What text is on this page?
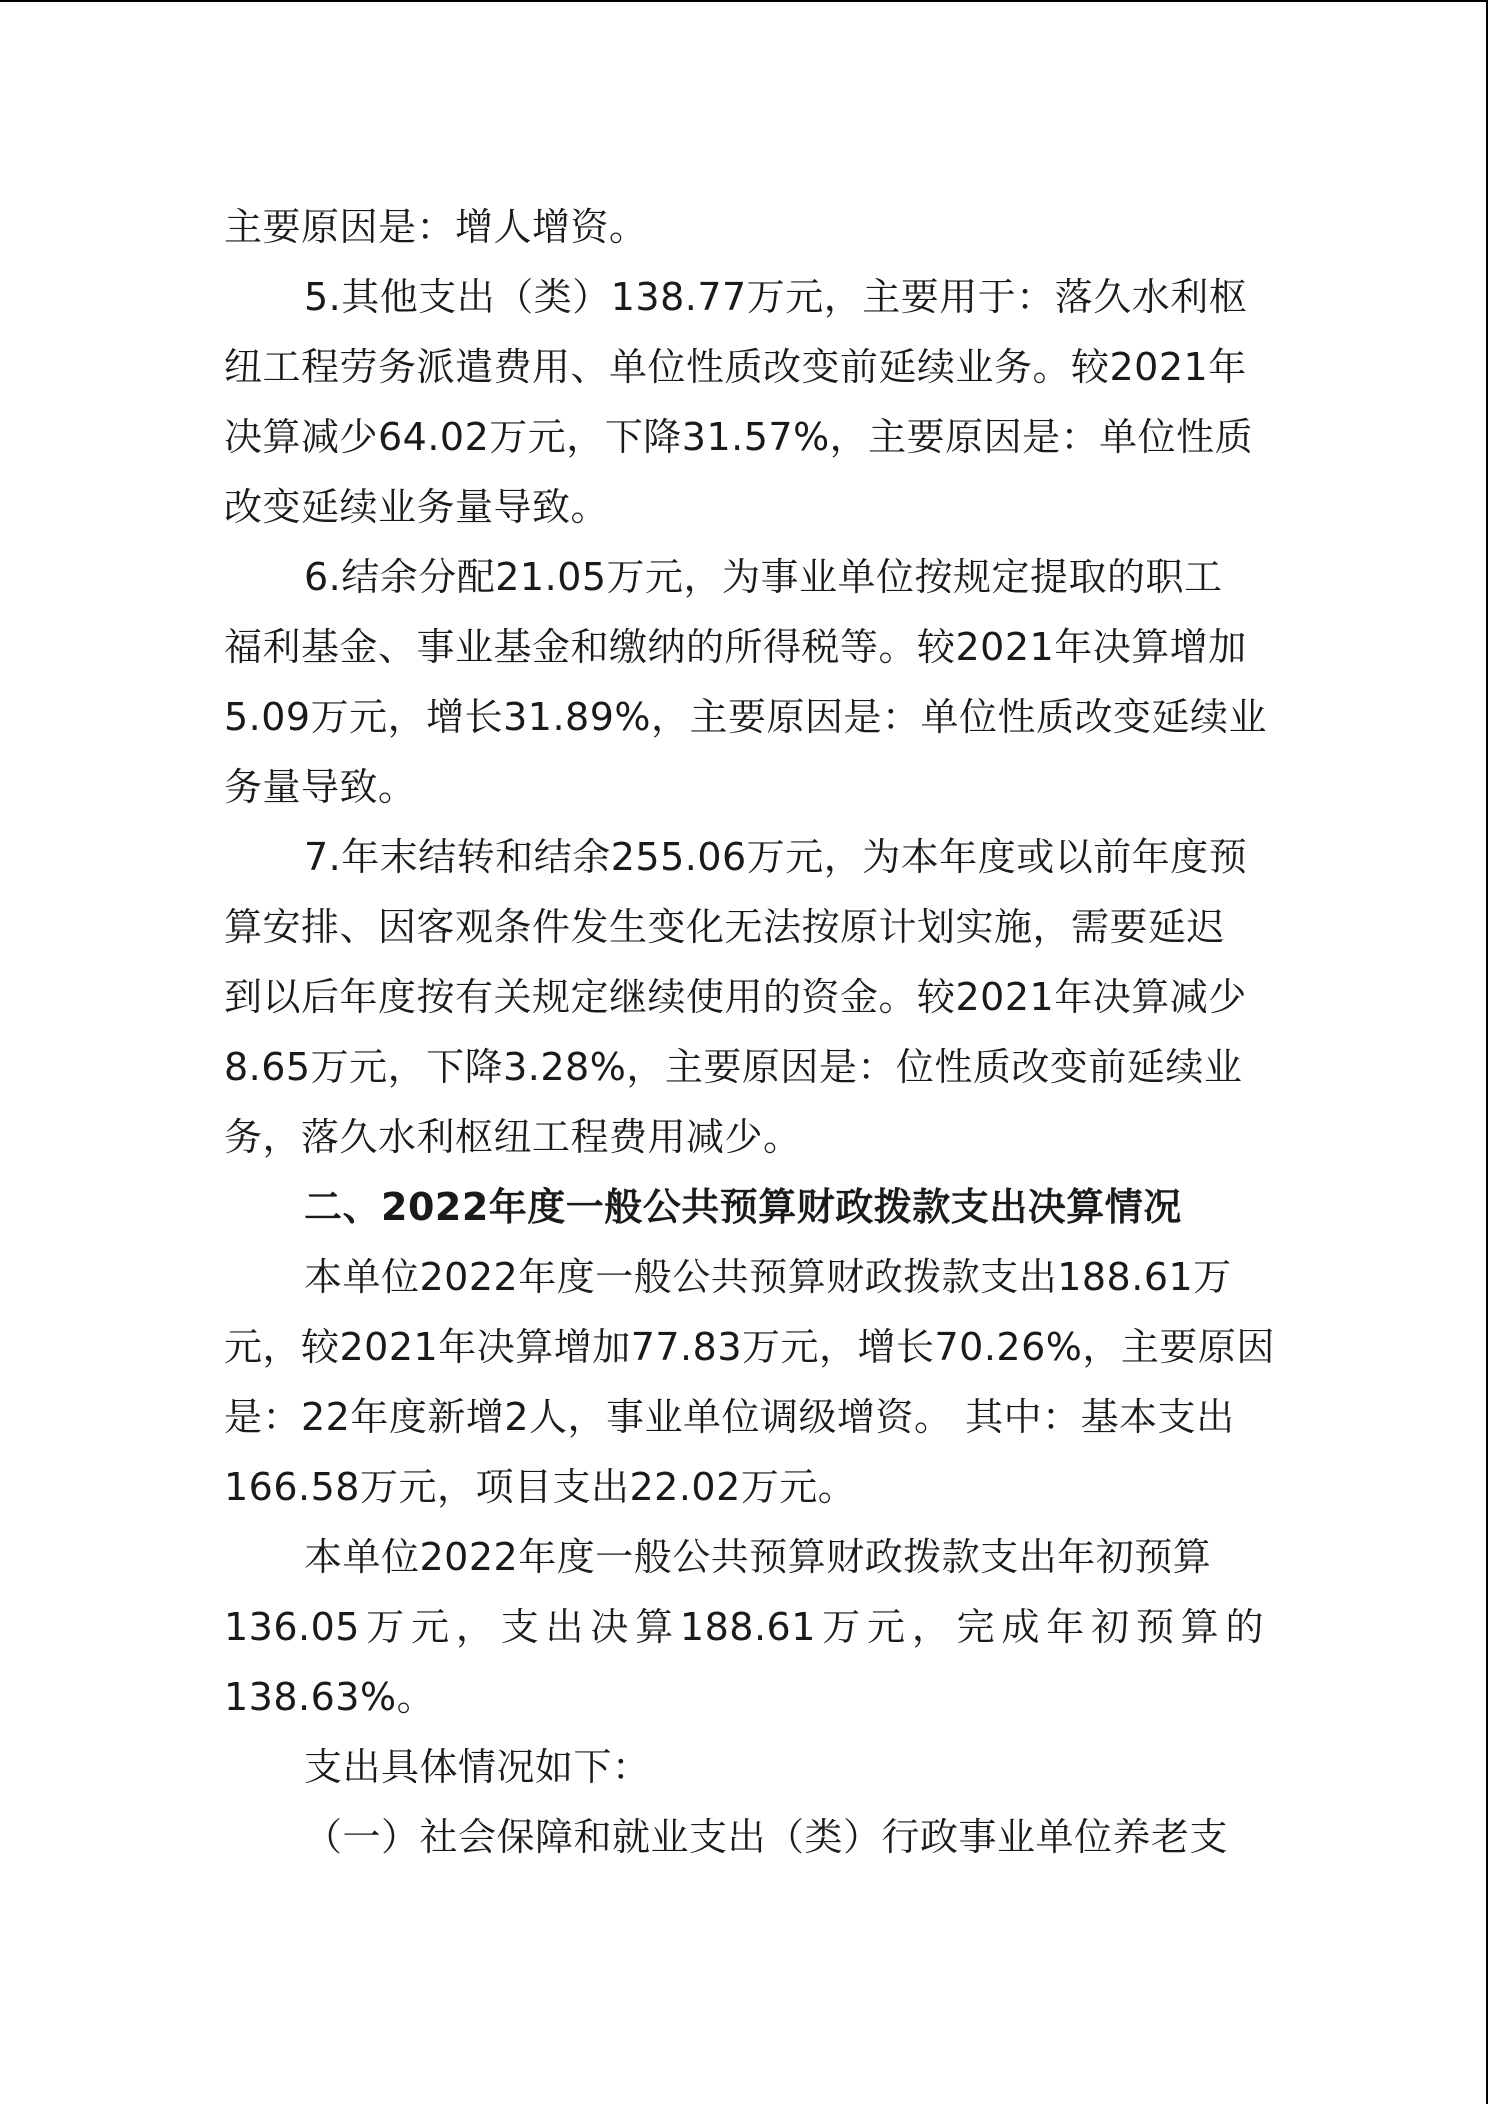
主要原因是：增人增资。
5.其他支出（类）138.77万元，主要用于：落久水利枢
纽工程劳务派遣费用、单位性质改变前延续业务。较2021年
决算减少64.02万元，下降31.57%，主要原因是：单位性质
改变延续业务量导致。
6.结余分配21.05万元，为事业单位按规定提取的职工
福利基金、事业基金和缴纳的所得税等。较2021年决算增加
5.09万元，增长31.89%，主要原因是：单位性质改变延续业
务量导致。
7.年末结转和结余255.06万元，为本年度或以前年度预
算安排、因客观条件发生变化无法按原计划实施，需要延迟
到以后年度按有关规定继续使用的资金。较2021年决算减少
8.65万元，下降3.28%，主要原因是：位性质改变前延续业
务，落久水利枢纽工程费用减少。
二、2022年度一般公共预算财政拨款支出决算情况
本单位2022年度一般公共预算财政拨款支出188.61万
元，较2021年决算增加77.83万元，增长70.26%，主要原因
是：22年度新增2人，事业单位调级增资。 其中：基本支出
166.58万元，项目支出22.02万元。
本单位2022年度一般公共预算财政拨款支出年初预算
136.05万元，支出决算188.61万元，完成年初预算的
138.63%。
支出具体情况如下：
（一）社会保障和就业支出（类）行政事业单位养老支
